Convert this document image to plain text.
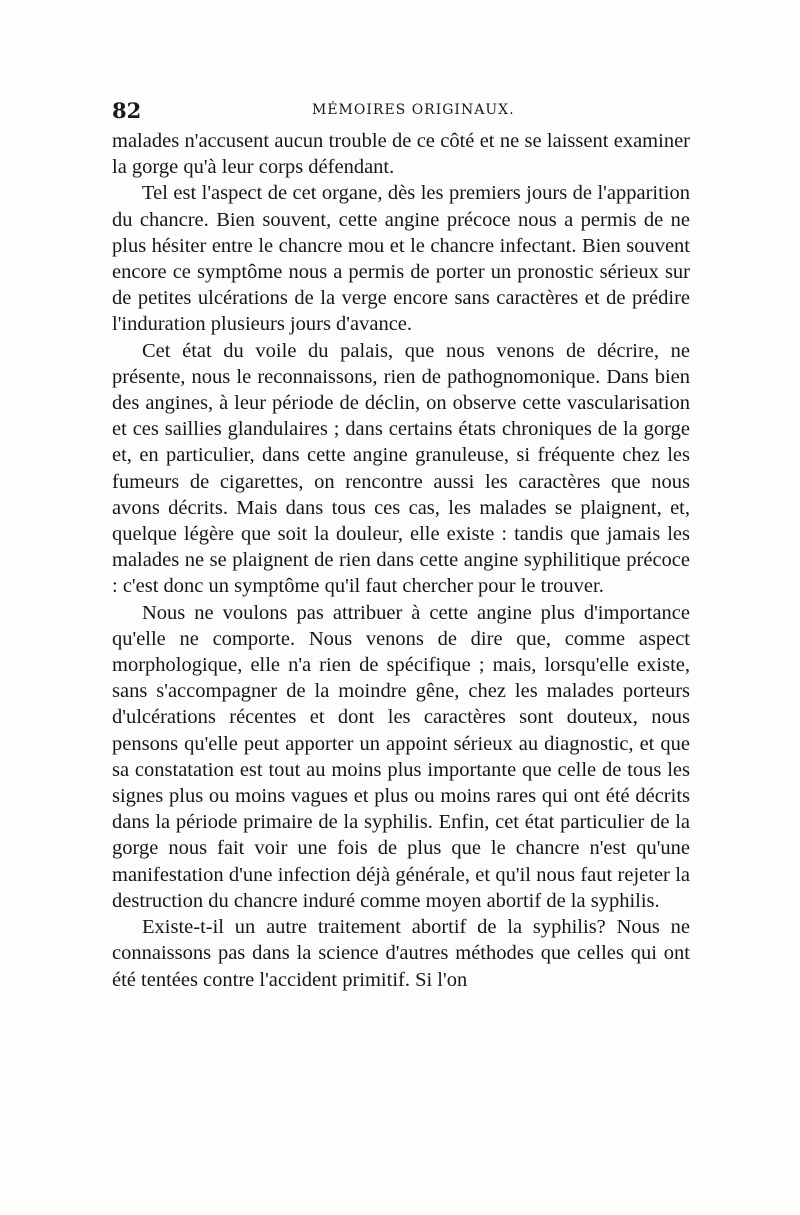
82	MÉMOIRES ORIGINAUX.

malades n'accusent aucun trouble de ce côté et ne se laissent examiner la gorge qu'à leur corps défendant.

Tel est l'aspect de cet organe, dès les premiers jours de l'apparition du chancre. Bien souvent, cette angine précoce nous a permis de ne plus hésiter entre le chancre mou et le chancre infectant. Bien souvent encore ce symptôme nous a permis de porter un pronostic sérieux sur de petites ulcérations de la verge encore sans caractères et de prédire l'induration plusieurs jours d'avance.

Cet état du voile du palais, que nous venons de décrire, ne présente, nous le reconnaissons, rien de pathognomonique. Dans bien des angines, à leur période de déclin, on observe cette vascularisation et ces saillies glandulaires ; dans certains états chroniques de la gorge et, en particulier, dans cette angine granuleuse, si fréquente chez les fumeurs de cigarettes, on rencontre aussi les caractères que nous avons décrits. Mais dans tous ces cas, les malades se plaignent, et, quelque légère que soit la douleur, elle existe : tandis que jamais les malades ne se plaignent de rien dans cette angine syphilitique précoce : c'est donc un symptôme qu'il faut chercher pour le trouver.

Nous ne voulons pas attribuer à cette angine plus d'importance qu'elle ne comporte. Nous venons de dire que, comme aspect morphologique, elle n'a rien de spécifique ; mais, lorsqu'elle existe, sans s'accompagner de la moindre gêne, chez les malades porteurs d'ulcérations récentes et dont les caractères sont douteux, nous pensons qu'elle peut apporter un appoint sérieux au diagnostic, et que sa constatation est tout au moins plus importante que celle de tous les signes plus ou moins vagues et plus ou moins rares qui ont été décrits dans la période primaire de la syphilis. Enfin, cet état particulier de la gorge nous fait voir une fois de plus que le chancre n'est qu'une manifestation d'une infection déjà générale, et qu'il nous faut rejeter la destruction du chancre induré comme moyen abortif de la syphilis.

Existe-t-il un autre traitement abortif de la syphilis? Nous ne connaissons pas dans la science d'autres méthodes que celles qui ont été tentées contre l'accident primitif. Si l'on
